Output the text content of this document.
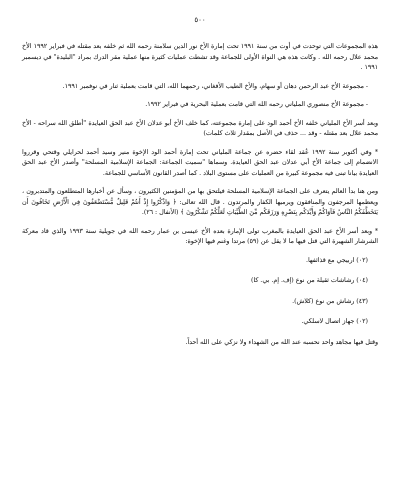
٥٠٠

هذه المجموعات التي توحدت في أوت من سنة ١٩٩١ تحت إمارة الأخ نور الدين سلامنة رحمه الله ثم خلفه بعد مقتله في فبراير ١٩٩٢ الأخ محمد علال رحمه الله . وكانت هذه هي النواة الأولى للجماعة وقد تشطت عمليات كثيرة منها عملية مقر الدرك بمراد "البليدة" في ديسمبر ١٩٩١ .

- مجموعة الأخ عبد الرحمن دهان أو سهام، والأخ الطيب الأفغاني، رحمهما الله، التي قامت بعملية ثنار في نوفمبر ١٩٩١.

- مجموعة الأخ منصوري الملياني رحمه الله التي قامت بعملية البحرية في فبراير ١٩٩٢.

وبعد أسر الأخ الملياني خلفه الأخ أحمد الود على إمارة مجموعته، كما خلف الأخ أبو عدلان الأخ عبد الحق العيايدة "أطلق الله سراحه - الأخ محمد علال بعد مقتله - وقد ... حذف في الأصل بمقدار ثلاث كلمات)

* وفي أكتوبر سنة ١٩٩٢ عُقد لقاء حضره عن جماعة الملياني تحت إمارة أحمد الود الإخوة منير وسيد أحمد لحرايلي وقتحي وقرروا الانضمام إلى جماعة الأخ أبي عدلان عبد الحق العيايدة. وسماها "سميت الجماعة: الجماعة الإسلامية المسلحة" وأصدر الأخ عبد الحق العيايدة بيانا تبنى فيه مجموعة كبيرة من العمليات على مستوى البلاد . كما أصدر القانون الأساسي للجماعة.

ومن هنا بدأ العالم يتعرف على الجماعة الإسلامية المسلحة فيلتحق بها من المؤمنين الكثيرون ، وسأل عن أخبارها المتطلعون والمتدبرون ، ويعظمها المرجفون والمنافقون ويرميها الكفار والمرتدون . قال الله تعالى: ﴿ وَاذْكُرُوا إِذْ أَنتُمْ قَلِيلٌ مُّسْتَضْعَفُونَ فِي الْأَرْضِ تَخَافُونَ أَن يَتَخَطَّفَكُمُ النَّاسُ فَآوَاكُمْ وَأَيَّدَكُم بِنَصْرِهِ وَرَزَقَكُم مِّنَ الطَّيِّبَاتِ لَعَلَّكُمْ تَشْكُرُونَ ﴾ (الأنفال : ٢٦).

* وبعد أسر الأخ عبد الحق العيايدة بالمغرب تولى الإمارة بعده الأخ عيسى بن عمار رحمه الله في جويلية سنة ١٩٩٣ والذي قاد معركة الشرشار الشهيرة التي قتل فيها ما لا يقل عن (٥٩) مرتدا وغنم فيها الإخوة:

(٠٢) اربيجي مع قذائفها.
(٠٤) رشاشات ثقيلة من نوع (إف. إم. بي. كا)
(٤٣) رشاش من نوع (كلاش).
(٠٢) جهاز اتصال لاسلكي.

وقتل فيها مجاهد واحد نحسبه عند الله من الشهداء ولا نزكي على الله أحداً.
